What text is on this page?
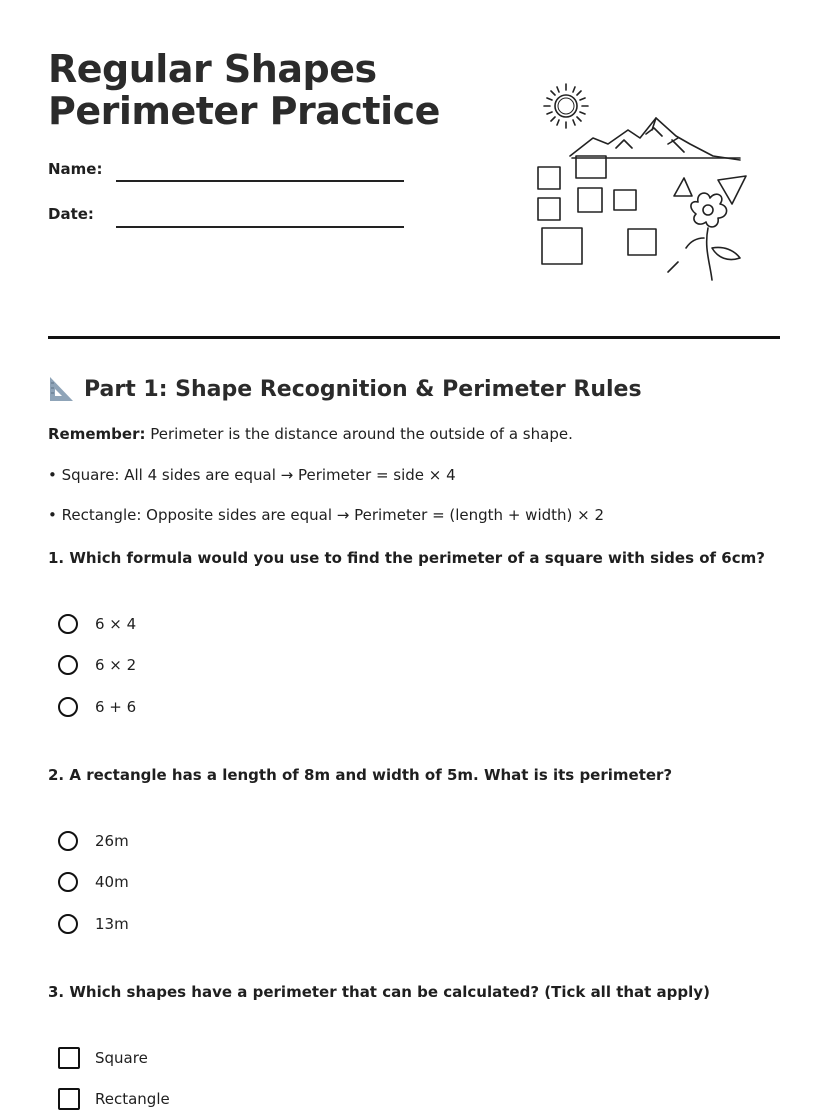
Regular Shapes
Perimeter Practice
Name:
Date:
Part 1: Shape Recognition & Perimeter Rules
Remember: Perimeter is the distance around the outside of a shape.
• Square: All 4 sides are equal → Perimeter = side × 4
• Rectangle: Opposite sides are equal → Perimeter = (length + width) × 2
1. Which formula would you use to find the perimeter of a square with sides of 6cm?
6 × 4
6 × 2
6 + 6
2. A rectangle has a length of 8m and width of 5m. What is its perimeter?
26m
40m
13m
3. Which shapes have a perimeter that can be calculated? (Tick all that apply)
Square
Rectangle
